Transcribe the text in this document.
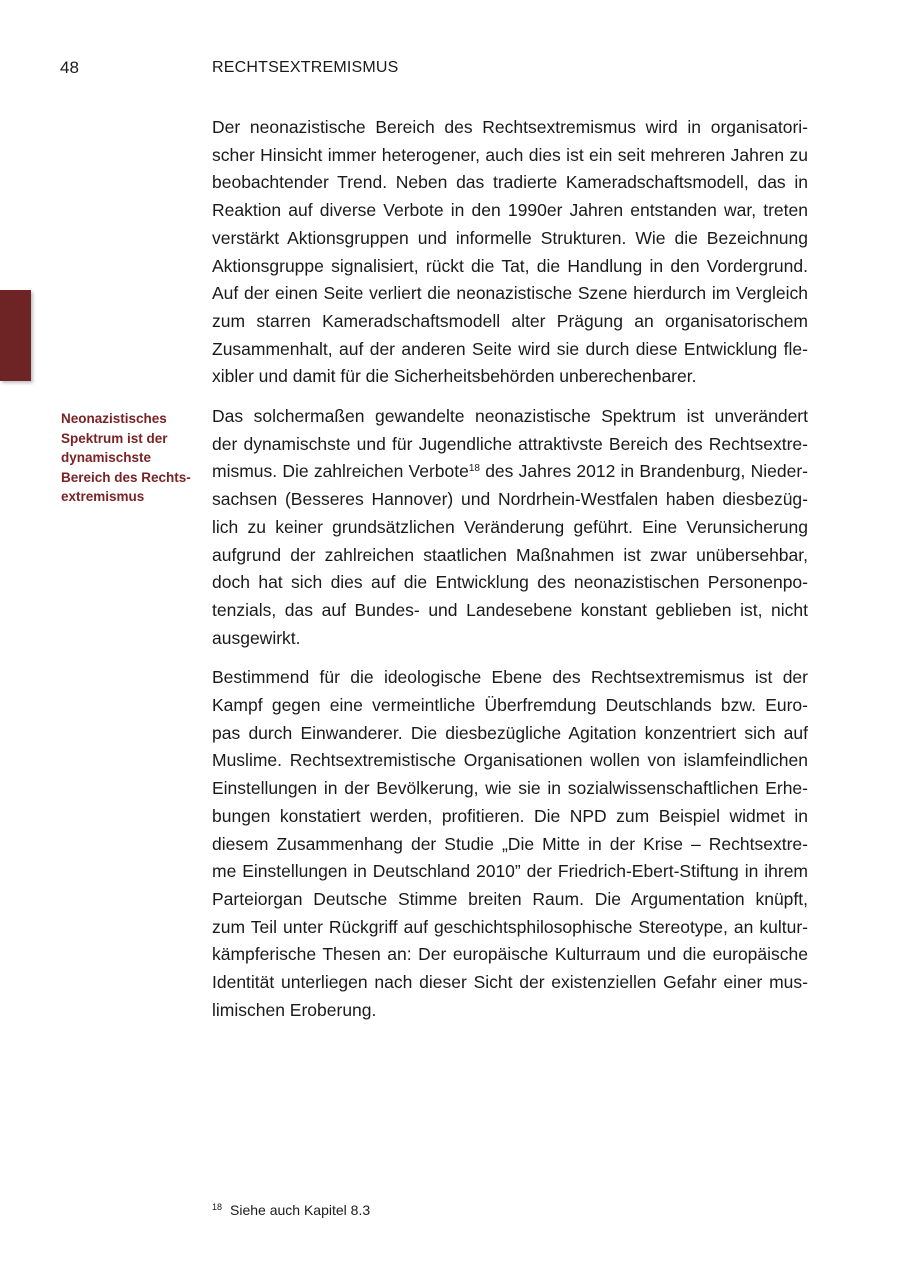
48	RECHTSEXTREMISMUS
Neonazistisches
Spektrum ist der
dynamischste
Bereich des Rechts-
extremismus

Der neonazistische Bereich des Rechtsextremismus wird in organisatori-
scher Hinsicht immer heterogener, auch dies ist ein seit mehreren Jahren zu
beobachtender Trend. Neben das tradierte Kameradschaftsmodell, das in
Reaktion auf diverse Verbote in den 1990er Jahren entstanden war, treten
verstärkt Aktionsgruppen und informelle Strukturen. Wie die Bezeichnung
Aktionsgruppe signalisiert, rückt die Tat, die Handlung in den Vordergrund.
Auf der einen Seite verliert die neonazistische Szene hierdurch im Vergleich
zum starren Kameradschaftsmodell alter Prägung an organisatorischem
Zusammenhalt, auf der anderen Seite wird sie durch diese Entwicklung fle-
xibler und damit für die Sicherheitsbehörden unberechenbarer.

Das solchermaßen gewandelte neonazistische Spektrum ist unverändert
der dynamischste und für Jugendliche attraktivste Bereich des Rechtsextre-
mismus. Die zahlreichen Verbote$^{18}$ des Jahres 2012 in Brandenburg, Nieder-
sachsen (Besseres Hannover) und Nordrhein-Westfalen haben diesbezüg-
lich zu keiner grundsätzlichen Veränderung geführt. Eine Verunsicherung
aufgrund der zahlreichen staatlichen Maßnahmen ist zwar unübersehbar,
doch hat sich dies auf die Entwicklung des neonazistischen Personenpo-
tenzials, das auf Bundes- und Landesebene konstant geblieben ist, nicht
ausgewirkt.

Bestimmend für die ideologische Ebene des Rechtsextremismus ist der
Kampf gegen eine vermeintliche Überfremdung Deutschlands bzw. Euro-
pas durch Einwanderer. Die diesbezügliche Agitation konzentriert sich auf
Muslime. Rechtsextremistische Organisationen wollen von islamfeindlichen
Einstellungen in der Bevölkerung, wie sie in sozialwissenschaftlichen Erhe-
bungen konstatiert werden, profitieren. Die NPD zum Beispiel widmet in
diesem Zusammenhang der Studie „Die Mitte in der Krise – Rechtsextre-
me Einstellungen in Deutschland 2010” der Friedrich-Ebert-Stiftung in ihrem
Parteiorgan Deutsche Stimme breiten Raum. Die Argumentation knüpft,
zum Teil unter Rückgriff auf geschichtsphilosophische Stereotype, an kultur-
kämpferische Thesen an: Der europäische Kulturraum und die europäische
Identität unterliegen nach dieser Sicht der existenziellen Gefahr einer mus-
limischen Eroberung.

$^{18}$ Siehe auch Kapitel 8.3
